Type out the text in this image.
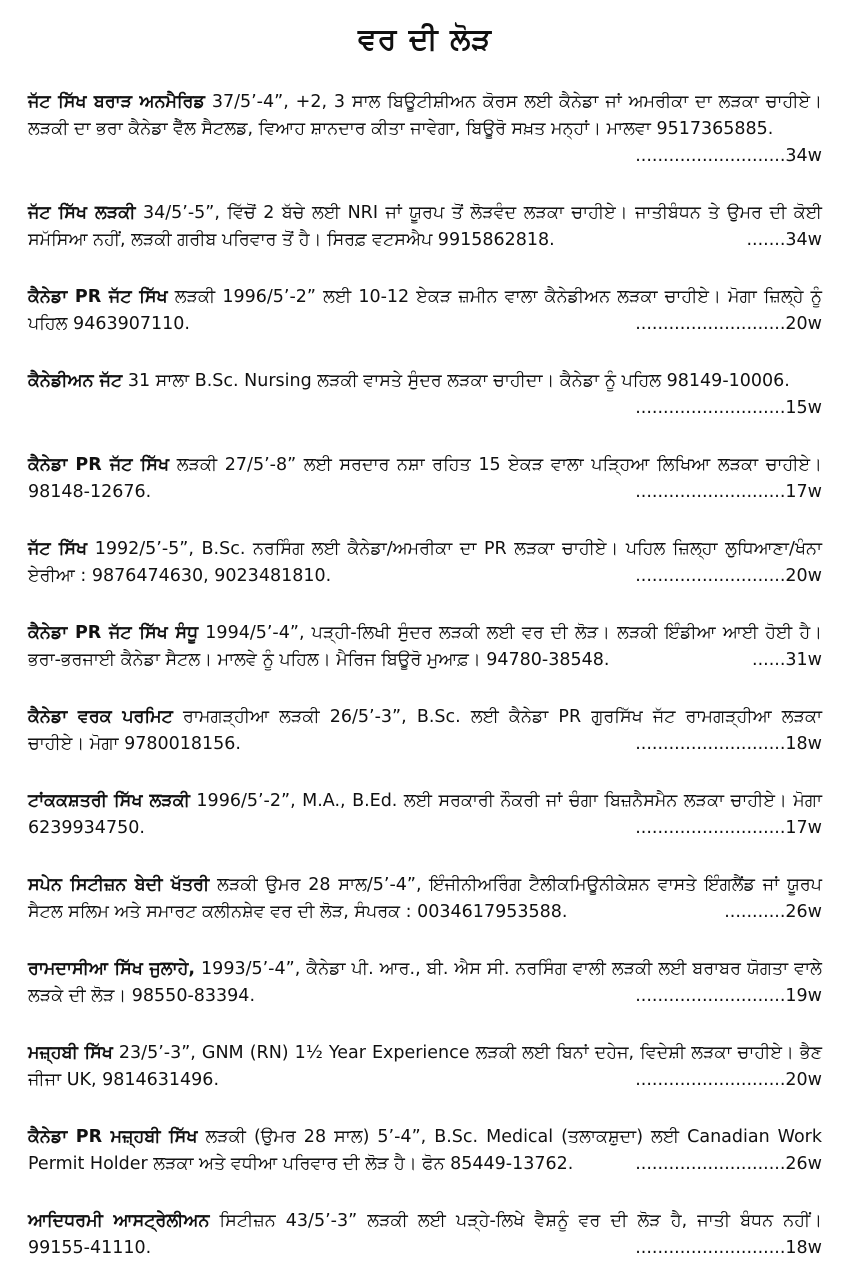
ਵਰ ਦੀ ਲੋੜ

ਜੱਟ ਸਿੱਖ ਬਰਾੜ ਅਨਮੈਰਿਡ 37/5’-4”, +2, 3 ਸਾਲ ਬਿਊਟੀਸ਼ੀਅਨ ਕੋਰਸ ਲਈ ਕੈਨੇਡਾ ਜਾਂ ਅਮਰੀਕਾ ਦਾ ਲੜਕਾ ਚਾਹੀਏ। ਲੜਕੀ ਦਾ ਭਰਾ ਕੈਨੇਡਾ ਵੈੱਲ ਸੈਟਲਡ, ਵਿਆਹ ਸ਼ਾਨਦਾਰ ਕੀਤਾ ਜਾਵੇਗਾ, ਬਿਊਰੋ ਸਖ਼ਤ ਮਨ੍ਹਾਂ। ਮਾਲਵਾ 9517365885.
...........................34w

ਜੱਟ ਸਿੱਖ ਲੜਕੀ 34/5’-5”, ਵਿੱਚੋਂ 2 ਬੱਚੇ ਲਈ NRI ਜਾਂ ਯੂਰਪ ਤੋਂ ਲੋੜਵੰਦ ਲੜਕਾ ਚਾਹੀਏ। ਜਾਤੀਬੰਧਨ ਤੇ ਉਮਰ ਦੀ ਕੋਈ ਸਮੱਸਿਆ ਨਹੀਂ, ਲੜਕੀ ਗਰੀਬ ਪਰਿਵਾਰ ਤੋਂ ਹੈ। ਸਿਰਫ਼ ਵਟਸਐਪ 9915862818.	.......34w

ਕੈਨੇਡਾ PR ਜੱਟ ਸਿੱਖ ਲੜਕੀ 1996/5’-2” ਲਈ 10-12 ਏਕੜ ਜ਼ਮੀਨ ਵਾਲਾ ਕੈਨੇਡੀਅਨ ਲੜਕਾ ਚਾਹੀਏ। ਮੋਗਾ ਜ਼ਿਲ੍ਹੇ ਨੂੰ ਪਹਿਲ 9463907110.	...........................20w

ਕੈਨੇਡੀਅਨ ਜੱਟ 31 ਸਾਲਾ B.Sc. Nursing ਲੜਕੀ ਵਾਸਤੇ ਸੁੰਦਰ ਲੜਕਾ ਚਾਹੀਦਾ। ਕੈਨੇਡਾ ਨੂੰ ਪਹਿਲ 98149-10006.
...........................15w

ਕੈਨੇਡਾ PR ਜੱਟ ਸਿੱਖ ਲੜਕੀ 27/5’-8” ਲਈ ਸਰਦਾਰ ਨਸ਼ਾ ਰਹਿਤ 15 ਏਕੜ ਵਾਲਾ ਪੜ੍ਹਿਆ ਲਿਖਿਆ ਲੜਕਾ ਚਾਹੀਏ। 98148-12676.	...........................17w

ਜੱਟ ਸਿੱਖ 1992/5’-5”, B.Sc. ਨਰਸਿੰਗ ਲਈ ਕੈਨੇਡਾ/ਅਮਰੀਕਾ ਦਾ PR ਲੜਕਾ ਚਾਹੀਏ। ਪਹਿਲ ਜ਼ਿਲ੍ਹਾ ਲੁਧਿਆਣਾ/ਖੰਨਾ ਏਰੀਆ : 9876474630, 9023481810.	...........................20w

ਕੈਨੇਡਾ PR ਜੱਟ ਸਿੱਖ ਸੰਧੂ 1994/5’-4”, ਪੜ੍ਹੀ-ਲਿਖੀ ਸੁੰਦਰ ਲੜਕੀ ਲਈ ਵਰ ਦੀ ਲੋੜ। ਲੜਕੀ ਇੰਡੀਆ ਆਈ ਹੋਈ ਹੈ। ਭਰਾ-ਭਰਜਾਈ ਕੈਨੇਡਾ ਸੈਟਲ। ਮਾਲਵੇ ਨੂੰ ਪਹਿਲ। ਮੈਰਿਜ ਬਿਊਰੋ ਮੁਆਫ਼। 94780-38548.	......31w

ਕੈਨੇਡਾ ਵਰਕ ਪਰਮਿਟ ਰਾਮਗੜ੍ਹੀਆ ਲੜਕੀ 26/5’-3”, B.Sc. ਲਈ ਕੈਨੇਡਾ PR ਗੁਰਸਿੱਖ ਜੱਟ ਰਾਮਗੜ੍ਹੀਆ ਲੜਕਾ ਚਾਹੀਏ। ਮੋਗਾ 9780018156.	...........................18w

ਟਾਂਕਕਸ਼ਤਰੀ ਸਿੱਖ ਲੜਕੀ 1996/5’-2”, M.A., B.Ed. ਲਈ ਸਰਕਾਰੀ ਨੌਕਰੀ ਜਾਂ ਚੰਗਾ ਬਿਜ਼ਨੈਸਮੈਨ ਲੜਕਾ ਚਾਹੀਏ। ਮੋਗਾ 6239934750.	...........................17w

ਸਪੇਨ ਸਿਟੀਜ਼ਨ ਬੇਦੀ ਖੱਤਰੀ ਲੜਕੀ ਉਮਰ 28 ਸਾਲ/5’-4”, ਇੰਜੀਨੀਅਰਿੰਗ ਟੈਲੀਕਮਿਊਨੀਕੇਸ਼ਨ ਵਾਸਤੇ ਇੰਗਲੈਂਡ ਜਾਂ ਯੂਰਪ ਸੈਟਲ ਸਲਿਮ ਅਤੇ ਸਮਾਰਟ ਕਲੀਨਸ਼ੇਵ ਵਰ ਦੀ ਲੋੜ, ਸੰਪਰਕ : 0034617953588.	...........26w

ਰਾਮਦਾਸੀਆ ਸਿੱਖ ਜੁਲਾਹੇ, 1993/5’-4”, ਕੈਨੇਡਾ ਪੀ. ਆਰ., ਬੀ. ਐਸ ਸੀ. ਨਰਸਿੰਗ ਵਾਲੀ ਲੜਕੀ ਲਈ ਬਰਾਬਰ ਯੋਗਤਾ ਵਾਲੇ ਲੜਕੇ ਦੀ ਲੋੜ। 98550-83394.	...........................19w

ਮਜ਼੍ਹਬੀ ਸਿੱਖ 23/5’-3”, GNM (RN) 1½ Year Experience ਲੜਕੀ ਲਈ ਬਿਨਾਂ ਦਹੇਜ, ਵਿਦੇਸ਼ੀ ਲੜਕਾ ਚਾਹੀਏ। ਭੈਣ ਜੀਜਾ UK, 9814631496.	...........................20w

ਕੈਨੇਡਾ PR ਮਜ਼੍ਹਬੀ ਸਿੱਖ ਲੜਕੀ (ਉਮਰ 28 ਸਾਲ) 5’-4”, B.Sc. Medical (ਤਲਾਕਸ਼ੁਦਾ) ਲਈ Canadian Work Permit Holder ਲੜਕਾ ਅਤੇ ਵਧੀਆ ਪਰਿਵਾਰ ਦੀ ਲੋੜ ਹੈ। ਫੋਨ 85449-13762.	...........................26w

ਆਦਿਧਰਮੀ ਆਸਟ੍ਰੇਲੀਅਨ ਸਿਟੀਜ਼ਨ 43/5’-3” ਲੜਕੀ ਲਈ ਪੜ੍ਹੇ-ਲਿਖੇ ਵੈਸ਼ਨੂੰ ਵਰ ਦੀ ਲੋੜ ਹੈ, ਜਾਤੀ ਬੰਧਨ ਨਹੀਂ। 99155-41110.	...........................18w
